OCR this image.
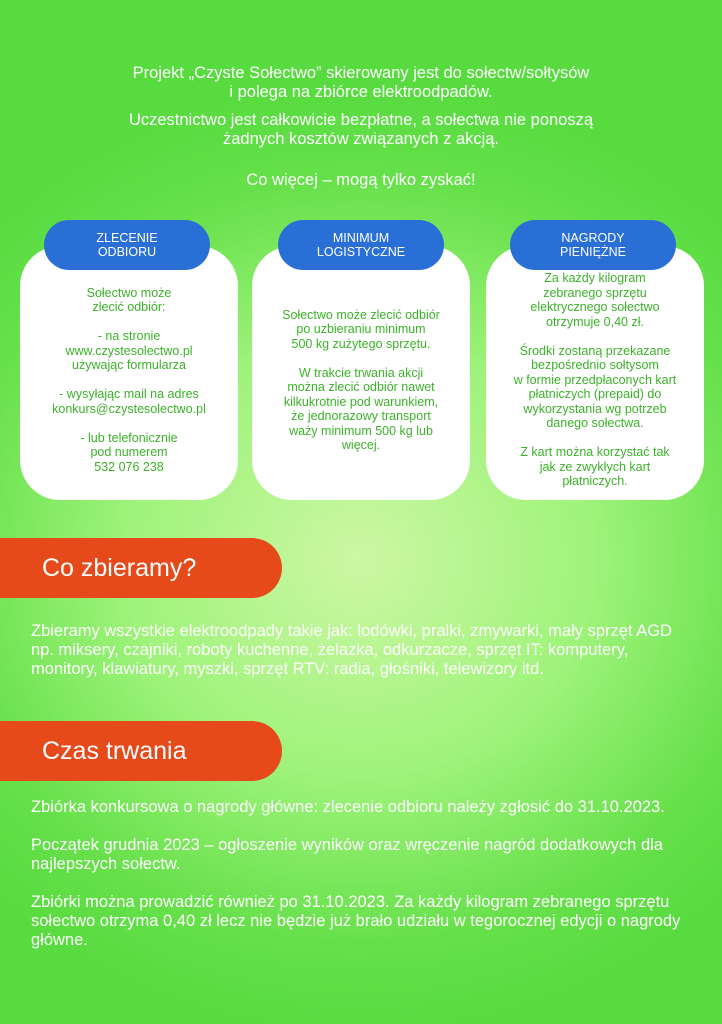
Projekt „Czyste Sołectwo” skierowany jest do sołectw/sołtysów

i polega na zbiórce elektroodpadów.

Uczestnictwo jest całkowicie bezpłatne, a sołectwa nie ponoszą

żadnych kosztów związanych z akcją.

Co więcej – mogą tylko zyskać!

Sołectwo może
zlecić odbiór:

- na stronie
www.czystesolectwo.pl
używając formularza

- wysyłając mail na adres
konkurs@czystesolectwo.pl

- lub telefonicznie
pod numerem
532 076 238
ZLECENIE
ODBIORU
Sołectwo może zlecić odbiór
po uzbieraniu minimum
500 kg zużytego sprzętu.

W trakcie trwania akcji
można zlecić odbiór nawet
kilkukrotnie pod warunkiem,
że jednorazowy transport
waży minimum 500 kg lub
więcej.
MINIMUM
LOGISTYCZNE
Za każdy kilogram
zebranego sprzętu
elektrycznego sołectwo
otrzymuje 0,40 zł.

Środki zostaną przekazane
bezpośrednio sołtysom
w formie przedpłaconych kart
płatniczych (prepaid) do
wykorzystania wg potrzeb
danego sołectwa.

Z kart można korzystać tak
jak ze zwykłych kart
płatniczych.
NAGRODY
PIENIĘŻNE
Co zbieramy?

Zbieramy wszystkie elektroodpady takie jak: lodówki, pralki, zmywarki, mały sprzęt AGD np. miksery, czajniki, roboty kuchenne, żelazka, odkurzacze, sprzęt IT: komputery, monitory, klawiatury, myszki, sprzęt RTV: radia, głośniki, telewizory itd.

Czas trwania

Zbiórka konkursowa o nagrody główne: zlecenie odbioru należy zgłosić do 31.10.2023.

Początek grudnia 2023 – ogłoszenie wyników oraz wręczenie nagród dodatkowych dla najlepszych sołectw.

Zbiórki można prowadzić również po 31.10.2023. Za każdy kilogram zebranego sprzętu sołectwo otrzyma 0,40 zł lecz nie będzie już brało udziału w tegorocznej edycji o nagrody główne.
